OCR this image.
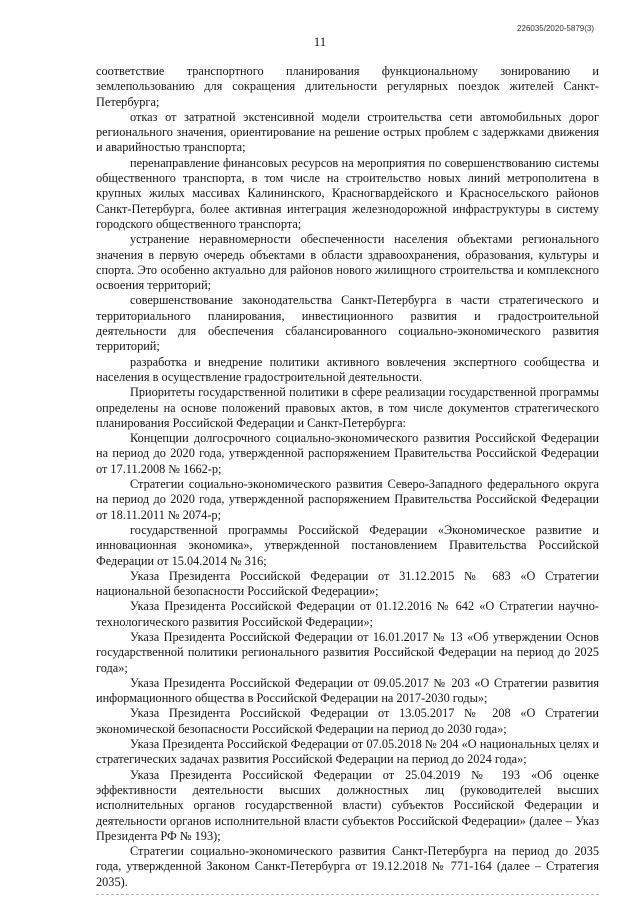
226035/2020-5879(3)
11

соответствие транспортного планирования функциональному зонированию и землепользованию для сокращения длительности регулярных поездок жителей Санкт-Петербурга;

отказ от затратной экстенсивной модели строительства сети автомобильных дорог регионального значения, ориентирование на решение острых проблем с задержками движения и аварийностью транспорта;

перенаправление финансовых ресурсов на мероприятия по совершенствованию системы общественного транспорта, в том числе на строительство новых линий метрополитена в крупных жилых массивах Калининского, Красногвардейского и Красносельского районов Санкт-Петербурга, более активная интеграция железнодорожной инфраструктуры в систему городского общественного транспорта;

устранение неравномерности обеспеченности населения объектами регионального значения в первую очередь объектами в области здравоохранения, образования, культуры и спорта. Это особенно актуально для районов нового жилищного строительства и комплексного освоения территорий;

совершенствование законодательства Санкт-Петербурга в части стратегического и территориального планирования, инвестиционного развития и градостроительной деятельности для обеспечения сбалансированного социально-экономического развития территорий;

разработка и внедрение политики активного вовлечения экспертного сообщества и населения в осуществление градостроительной деятельности.

Приоритеты государственной политики в сфере реализации государственной программы определены на основе положений правовых актов, в том числе документов стратегического планирования Российской Федерации и Санкт-Петербурга:

Концепции долгосрочного социально-экономического развития Российской Федерации на период до 2020 года, утвержденной распоряжением Правительства Российской Федерации от 17.11.2008 № 1662-р;

Стратегии социально-экономического развития Северо-Западного федерального округа на период до 2020 года, утвержденной распоряжением Правительства Российской Федерации от 18.11.2011 № 2074-р;

государственной программы Российской Федерации «Экономическое развитие и инновационная экономика», утвержденной постановлением Правительства Российской Федерации от 15.04.2014 № 316;

Указа Президента Российской Федерации от 31.12.2015 № 683 «О Стратегии национальной безопасности Российской Федерации»;

Указа Президента Российской Федерации от 01.12.2016 № 642 «О Стратегии научно-технологического развития Российской Федерации»;

Указа Президента Российской Федерации от 16.01.2017 № 13 «Об утверждении Основ государственной политики регионального развития Российской Федерации на период до 2025 года»;

Указа Президента Российской Федерации от 09.05.2017 № 203 «О Стратегии развития информационного общества в Российской Федерации на 2017-2030 годы»;

Указа Президента Российской Федерации от 13.05.2017 № 208 «О Стратегии экономической безопасности Российской Федерации на период до 2030 года»;

Указа Президента Российской Федерации от 07.05.2018 № 204 «О национальных целях и стратегических задачах развития Российской Федерации на период до 2024 года»;

Указа Президента Российской Федерации от 25.04.2019 № 193 «Об оценке эффективности деятельности высших должностных лиц (руководителей высших исполнительных органов государственной власти) субъектов Российской Федерации и деятельности органов исполнительной власти субъектов Российской Федерации» (далее – Указ Президента РФ № 193);

Стратегии социально-экономического развития Санкт-Петербурга на период до 2035 года, утвержденной Законом Санкт-Петербурга от 19.12.2018 № 771-164 (далее – Стратегия 2035).
